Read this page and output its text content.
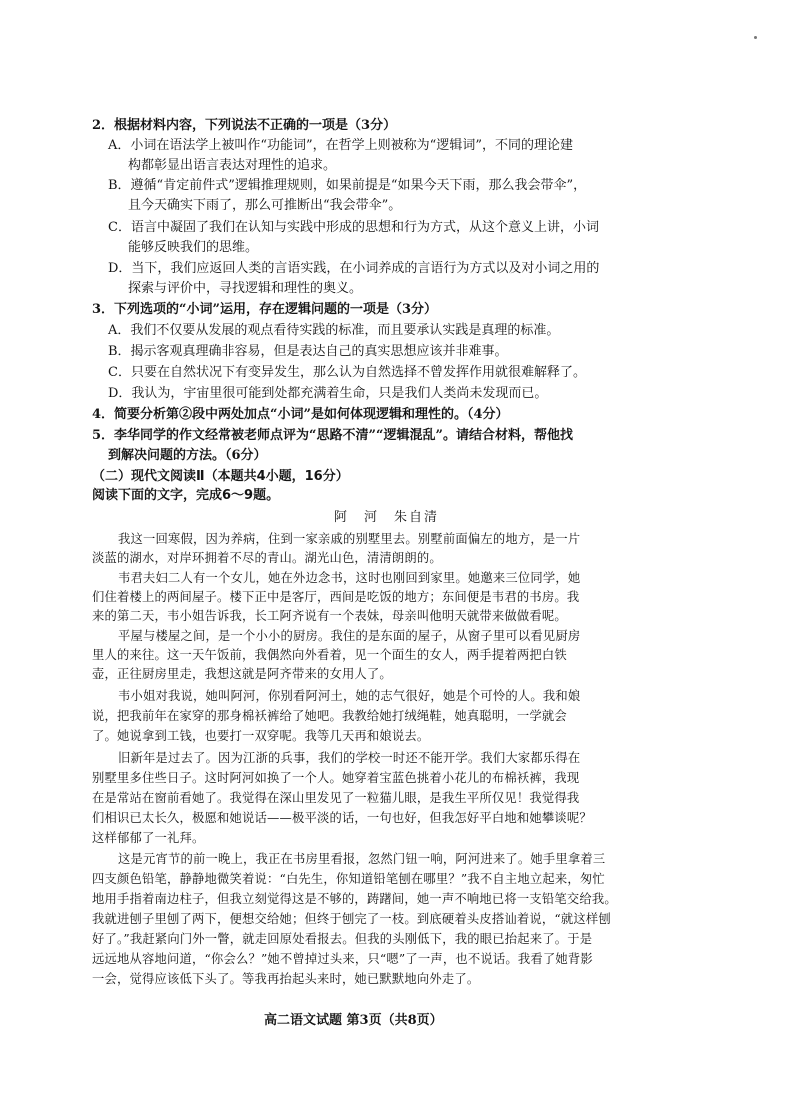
2．根据材料内容，下列说法不正确的一项是（3分）
A．小词在语法学上被叫作“功能词”，在哲学上则被称为“逻辑词”，不同的理论建
构都彰显出语言表达对理性的追求。
B．遵循“肯定前件式”逻辑推理规则，如果前提是“如果今天下雨，那么我会带伞”，
且今天确实下雨了，那么可推断出“我会带伞”。
C．语言中凝固了我们在认知与实践中形成的思想和行为方式，从这个意义上讲，小词
能够反映我们的思维。
D．当下，我们应返回人类的言语实践，在小词养成的言语行为方式以及对小词之用的
探索与评价中，寻找逻辑和理性的奥义。
3．下列选项的“小词”运用，存在逻辑问题的一项是（3分）
A．我们不仅要从发展的观点看待实践的标准，而且要承认实践是真理的标准。
B．揭示客观真理确非容易，但是表达自己的真实思想应该并非难事。
C．只要在自然状况下有变异发生，那么认为自然选择不曾发挥作用就很难解释了。
D．我认为，宇宙里很可能到处都充满着生命，只是我们人类尚未发现而已。
4．简要分析第②段中两处加点“小词”是如何体现逻辑和理性的。（4分）
5．李华同学的作文经常被老师点评为“思路不清”“逻辑混乱”。请结合材料，帮他找
到解决问题的方法。（6分）
（二）现代文阅读Ⅱ（本题共4小题，16分）
阅读下面的文字，完成6～9题。
阿　河　朱自清
我这一回寒假，因为养病，住到一家亲戚的别墅里去。别墅前面偏左的地方，是一片
淡蓝的湖水，对岸环拥着不尽的青山。湖光山色，清清朗朗的。
韦君夫妇二人有一个女儿，她在外边念书，这时也刚回到家里。她邀来三位同学，她
们住着楼上的两间屋子。楼下正中是客厅，西间是吃饭的地方；东间便是韦君的书房。我
来的第二天，韦小姐告诉我，长工阿齐说有一个表妹，母亲叫他明天就带来做做看呢。
平屋与楼屋之间，是一个小小的厨房。我住的是东面的屋子，从窗子里可以看见厨房
里人的来往。这一天午饭前，我偶然向外看着，见一个面生的女人，两手提着两把白铁
壶，正往厨房里走，我想这就是阿齐带来的女用人了。
韦小姐对我说，她叫阿河，你别看阿河土，她的志气很好，她是个可怜的人。我和娘
说，把我前年在家穿的那身棉袄裤给了她吧。我教给她打绒绳鞋，她真聪明，一学就会
了。她说拿到工钱，也要打一双穿呢。我等几天再和娘说去。
旧新年是过去了。因为江浙的兵事，我们的学校一时还不能开学。我们大家都乐得在
别墅里多住些日子。这时阿河如换了一个人。她穿着宝蓝色挑着小花儿的布棉袄裤，我现
在是常站在窗前看她了。我觉得在深山里发见了一粒猫儿眼，是我生平所仅见！我觉得我
们相识已太长久，极愿和她说话——极平淡的话，一句也好，但我怎好平白地和她攀谈呢？
这样郁郁了一礼拜。
这是元宵节的前一晚上，我正在书房里看报，忽然门钮一响，阿河进来了。她手里拿着三
四支颜色铅笔，静静地微笑着说：“白先生，你知道铅笔刨在哪里？”我不自主地立起来，匆忙
地用手指着南边柱子，但我立刻觉得这是不够的，踌躇间，她一声不响地已将一支铅笔交给我。
我就进刨子里刨了两下，便想交给她；但终于刨完了一枝。到底硬着头皮搭讪着说，“就这样刨
好了。”我赶紧向门外一瞥，就走回原处看报去。但我的头刚低下，我的眼已抬起来了。于是
远远地从容地问道，“你会么？”她不曾掉过头来，只“嗯”了一声，也不说话。我看了她背影
一会，觉得应该低下头了。等我再抬起头来时，她已默默地向外走了。
高二语文试题 第3页（共8页）
